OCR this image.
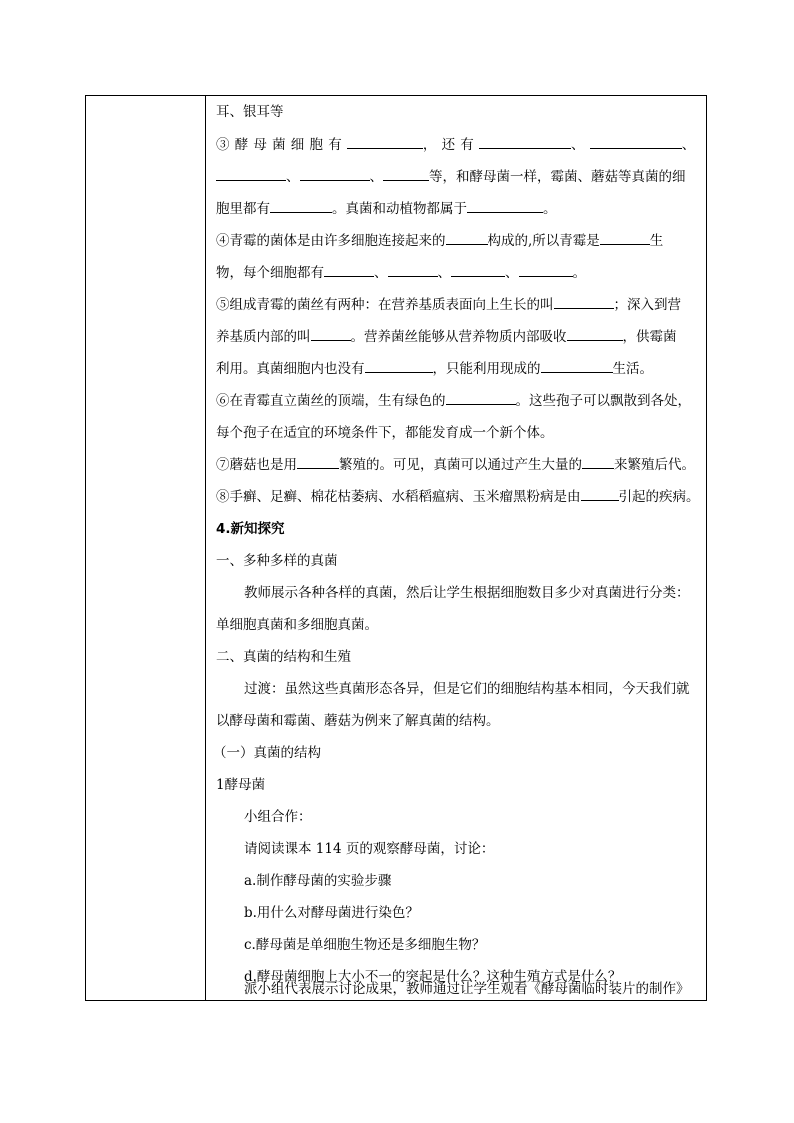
耳、银耳等
③酵母菌细胞有	，还有	、	、
、	、	等，和酵母菌一样，霉菌、蘑菇等真菌的细
胞里都有	。真菌和动植物都属于	。
④青霉的菌体是由许多细胞连接起来的	构成的,所以青霉是	生
物，每个细胞都有	、	、	、	。
⑤组成青霉的菌丝有两种：在营养基质表面向上生长的叫	；深入到营
养基质内部的叫	。营养菌丝能够从营养物质内部吸收	，供霉菌
利用。真菌细胞内也没有	，只能利用现成的	生活。
⑥在青霉直立菌丝的顶端，生有绿色的	。这些孢子可以飘散到各处，
每个孢子在适宜的环境条件下，都能发育成一个新个体。
⑦蘑菇也是用	繁殖的。可见，真菌可以通过产生大量的 来繁殖后代。
⑧手癣、足癣、棉花枯萎病、水稻稻瘟病、玉米瘤黑粉病是由	引起的疾病。
4.新知探究
一、多种多样的真菌
教师展示各种各样的真菌，然后让学生根据细胞数目多少对真菌进行分类：
单细胞真菌和多细胞真菌。
二、真菌的结构和生殖
过渡：虽然这些真菌形态各异，但是它们的细胞结构基本相同，今天我们就
以酵母菌和霉菌、蘑菇为例来了解真菌的结构。
（一）真菌的结构
1酵母菌
小组合作：
请阅读课本 114 页的观察酵母菌，讨论：
a.制作酵母菌的实验步骤
b.用什么对酵母菌进行染色？
c.酵母菌是单细胞生物还是多细胞生物？
d.酵母菌细胞上大小不一的突起是什么？这种生殖方式是什么？
派小组代表展示讨论成果，教师通过让学生观看《酵母菌临时装片的制作》
